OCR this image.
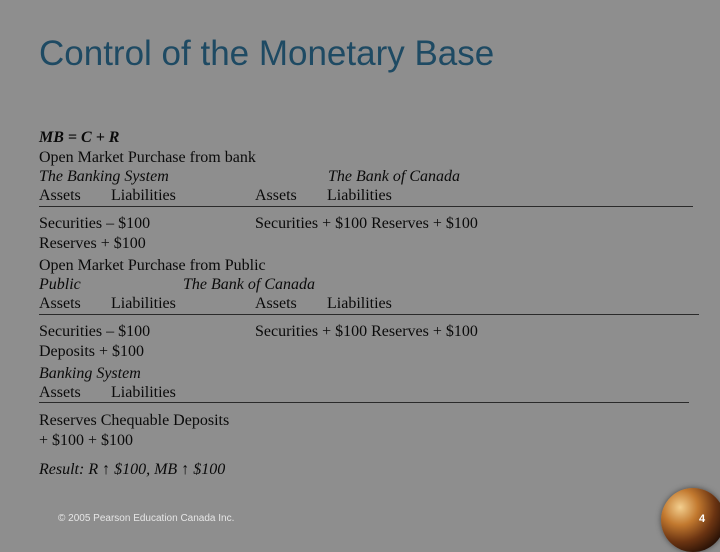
Control of the Monetary Base
MB = C + R
Open Market Purchase from bank
The Banking System	The Bank of Canada
Assets Liabilities	Assets Liabilities
Securities – $100	Securities + $100 Reserves + $100
Reserves + $100
Open Market Purchase from Public
Public	The Bank of Canada
Assets Liabilities	Assets Liabilities
Securities – $100	Securities + $100 Reserves + $100
Deposits + $100
Banking System
Assets Liabilities
Reserves Chequable Deposits
+ $100 + $100
Result: R ↑ $100, MB ↑ $100
© 2005 Pearson Education Canada Inc.	4
